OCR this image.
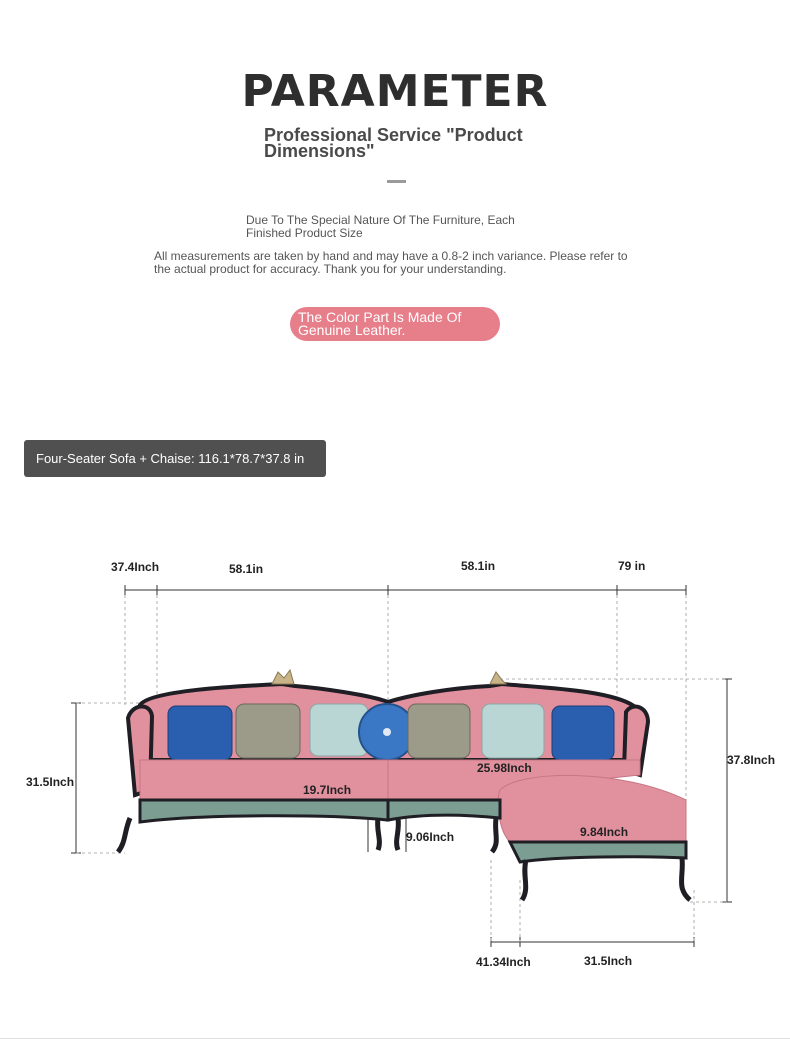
PARAMETER
Professional Service "Product Dimensions"
Due To The Special Nature Of The Furniture, Each Finished Product Size
All measurements are taken by hand and may have a 0.8-2 inch variance. Please refer to the actual product for accuracy. Thank you for your understanding.
The Color Part Is Made Of Genuine Leather.
Four-Seater Sofa + Chaise: 116.1*78.7*37.8 in
37.4Inch	58.1in	58.1in	79 in
31.5Inch
37.8Inch
19.7Inch
9.06Inch
25.98Inch
9.84Inch
41.34Inch	31.5Inch
